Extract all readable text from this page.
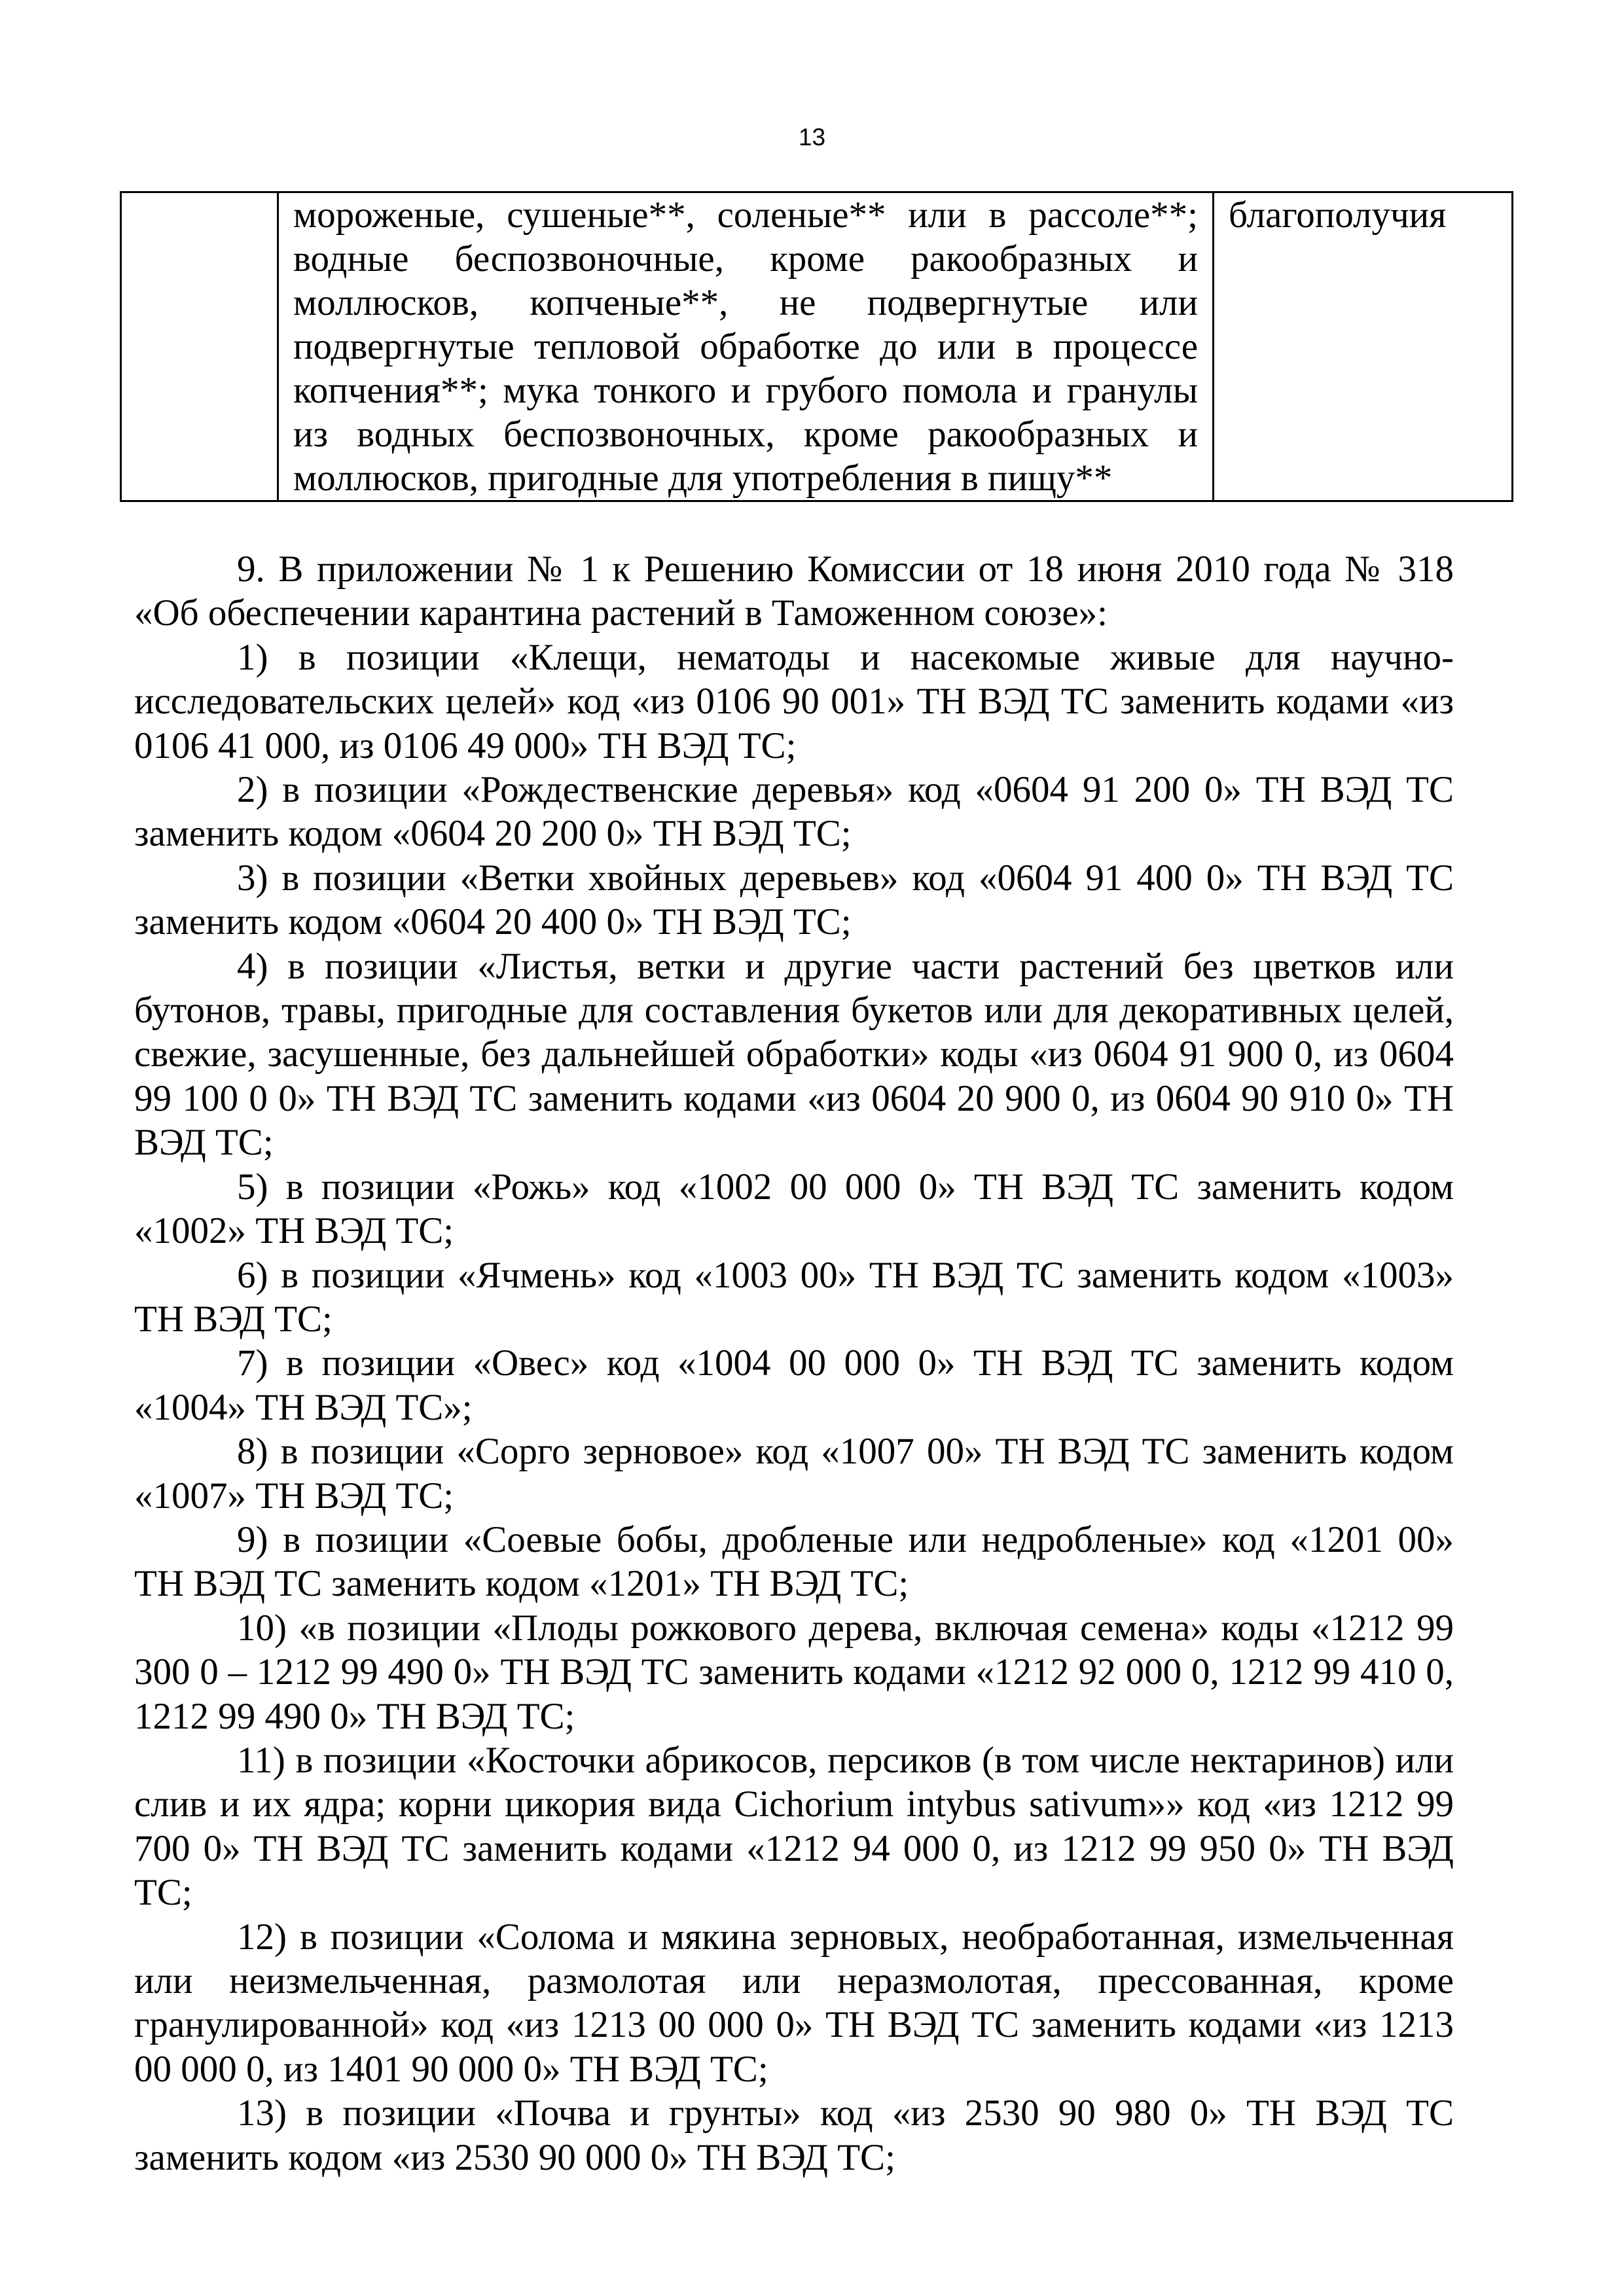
13
	мороженые, сушеные**, соленые** или в рассоле**; водные беспозвоночные, кроме ракообразных и моллюсков, копченые**, не подвергнутые или подвергнутые тепловой обработке до или в процессе копчения**; мука тонкого и грубого помола и гранулы из водных беспозвоночных, кроме ракообразных и моллюсков, пригодные для употребления в пищу**	благополучия

9. В приложении № 1 к Решению Комиссии от 18 июня 2010 года № 318 «Об обеспечении карантина растений в Таможенном союзе»:

1) в позиции «Клещи, нематоды и насекомые живые для научно-исследовательских целей» код «из 0106 90 001» ТН ВЭД ТС заменить кодами «из 0106 41 000, из 0106 49 000» ТН ВЭД ТС;

2) в позиции «Рождественские деревья» код «0604 91 200 0» ТН ВЭД ТС заменить кодом «0604 20 200 0» ТН ВЭД ТС;

3) в позиции «Ветки хвойных деревьев» код «0604 91 400 0» ТН ВЭД ТС заменить кодом «0604 20 400 0» ТН ВЭД ТС;

4) в позиции «Листья, ветки и другие части растений без цветков или бутонов, травы, пригодные для составления букетов или для декоративных целей, свежие, засушенные, без дальнейшей обработки» коды «из 0604 91 900 0, из 0604 99 100 0 0» ТН ВЭД ТС заменить кодами «из 0604 20 900 0, из 0604 90 910 0» ТН ВЭД ТС;

5) в позиции «Рожь» код «1002 00 000 0» ТН ВЭД ТС заменить кодом «1002» ТН ВЭД ТС;

6) в позиции «Ячмень» код «1003 00» ТН ВЭД ТС заменить кодом «1003» ТН ВЭД ТС;

7) в позиции «Овес» код «1004 00 000 0» ТН ВЭД ТС заменить кодом «1004» ТН ВЭД ТС»;

8) в позиции «Сорго зерновое» код «1007 00» ТН ВЭД ТС заменить кодом «1007» ТН ВЭД ТС;

9) в позиции «Соевые бобы, дробленые или недробленые» код «1201 00» ТН ВЭД ТС заменить кодом «1201» ТН ВЭД ТС;

10) «в позиции «Плоды рожкового дерева, включая семена» коды «1212 99 300 0 – 1212 99 490 0» ТН ВЭД ТС заменить кодами «1212 92 000 0, 1212 99 410 0, 1212 99 490 0» ТН ВЭД ТС;

11) в позиции «Косточки абрикосов, персиков (в том числе нектаринов) или слив и их ядра; корни цикория вида Cichorium intybus sativum»» код «из 1212 99 700 0» ТН ВЭД ТС заменить кодами «1212 94 000 0, из 1212 99 950 0» ТН ВЭД ТС;

12) в позиции «Солома и мякина зерновых, необработанная, измельченная или неизмельченная, размолотая или неразмолотая, прессованная, кроме гранулированной» код «из 1213 00 000 0» ТН ВЭД ТС заменить кодами «из 1213 00 000 0, из 1401 90 000 0» ТН ВЭД ТС;

13) в позиции «Почва и грунты» код «из 2530 90 980 0» ТН ВЭД ТС заменить кодом «из 2530 90 000 0» ТН ВЭД ТС;
